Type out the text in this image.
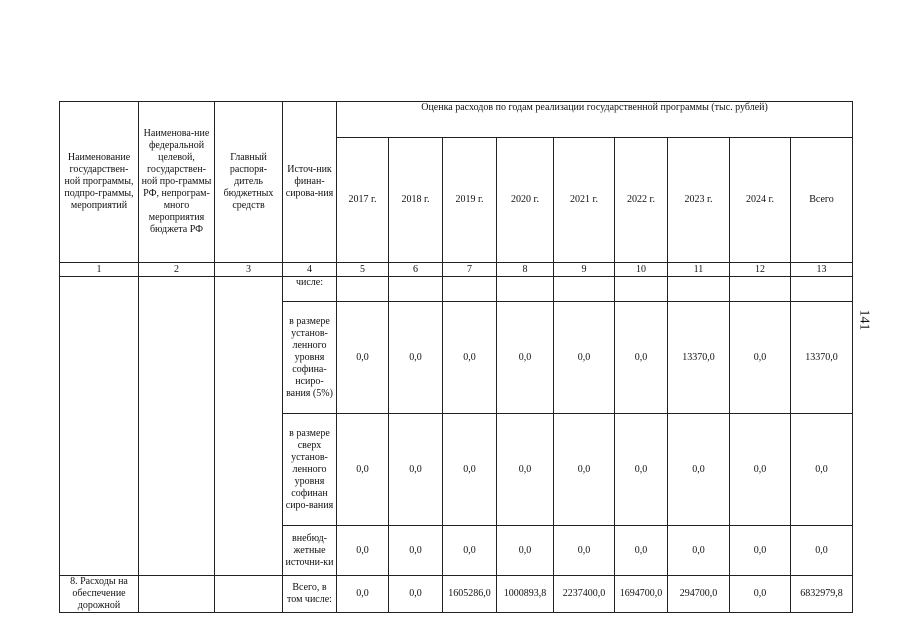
Наименование государствен-ной программы, подпро-граммы, мероприятий	Наименова-ние федеральной целевой, государствен-ной про-граммы РФ, непрограм-много мероприятия бюджета РФ	Главный распоря-дитель бюджетных средств	Источ-ник финан-сирова-ния	Оценка расходов по годам реализации государственной программы (тыс. рублей)								
				2017 г.	2018 г.	2019 г.	2020 г.	2021 г.	2022 г.	2023 г.	2024 г.	Всего
1	2	3	4	5	6	7	8	9	10	11	12	13
			числе:									
			в размере установ-ленного уровня софина-нсиро-вания (5%)	0,0	0,0	0,0	0,0	0,0	0,0	13370,0	0,0	13370,0
			в размере сверх установ-ленного уровня софинан сиро-вания	0,0	0,0	0,0	0,0	0,0	0,0	0,0	0,0	0,0
			внебюд-жетные источни-ки	0,0	0,0	0,0	0,0	0,0	0,0	0,0	0,0	0,0
8. Расходы на обеспечение дорожной			Всего, в том числе:	0,0	0,0	1605286,0	1000893,8	2237400,0	1694700,0	294700,0	0,0	6832979,8
141
